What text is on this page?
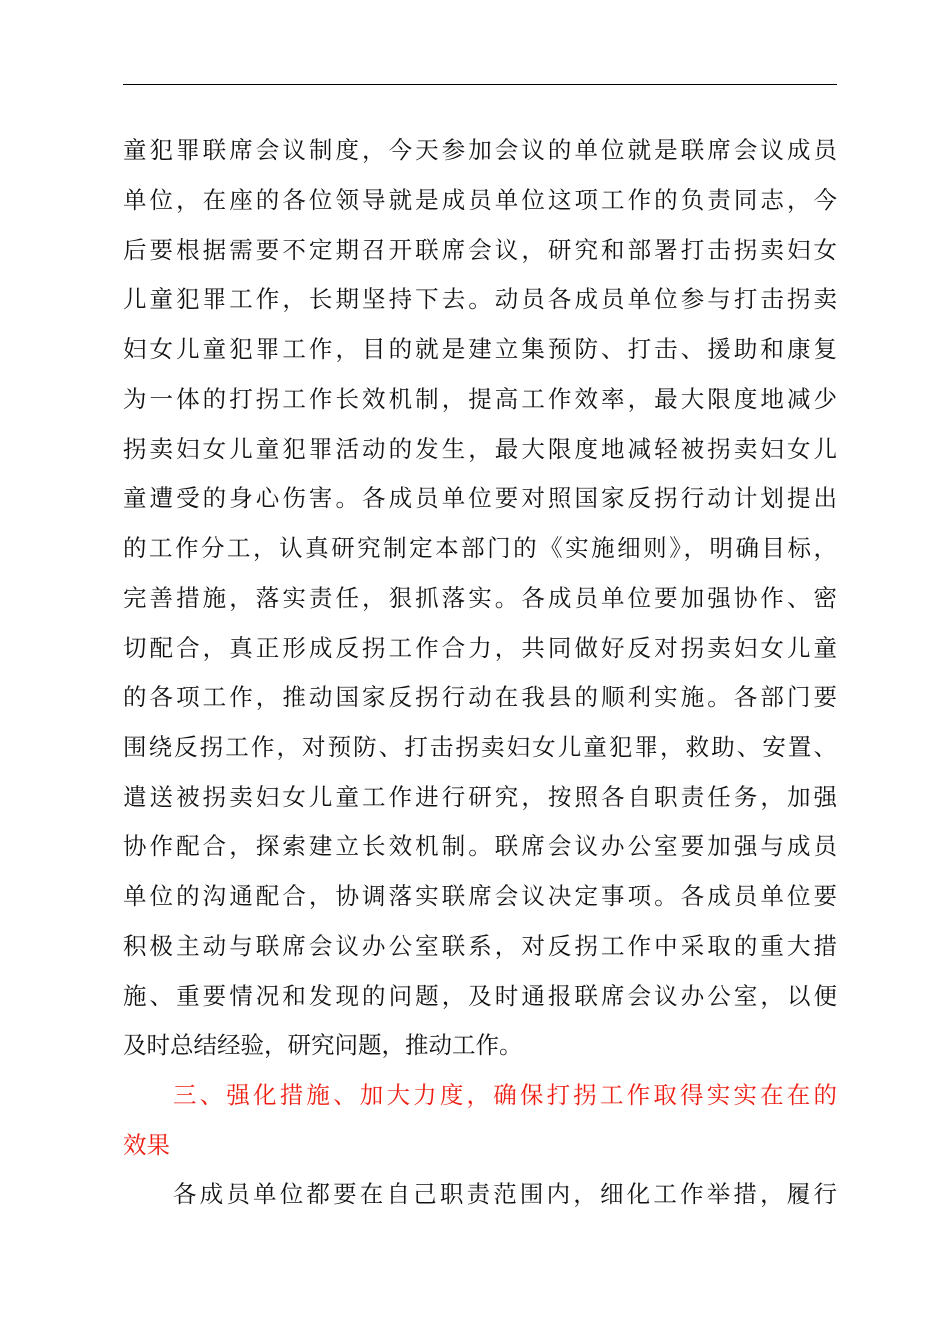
童犯罪联席会议制度，今天参加会议的单位就是联席会议成员
单位，在座的各位领导就是成员单位这项工作的负责同志，今
后要根据需要不定期召开联席会议，研究和部署打击拐卖妇女
儿童犯罪工作，长期坚持下去。动员各成员单位参与打击拐卖
妇女儿童犯罪工作，目的就是建立集预防、打击、援助和康复
为一体的打拐工作长效机制，提高工作效率，最大限度地减少
拐卖妇女儿童犯罪活动的发生，最大限度地减轻被拐卖妇女儿
童遭受的身心伤害。各成员单位要对照国家反拐行动计划提出
的工作分工，认真研究制定本部门的《实施细则》，明确目标，
完善措施，落实责任，狠抓落实。各成员单位要加强协作、密
切配合，真正形成反拐工作合力，共同做好反对拐卖妇女儿童
的各项工作，推动国家反拐行动在我县的顺利实施。各部门要
围绕反拐工作，对预防、打击拐卖妇女儿童犯罪，救助、安置、
遣送被拐卖妇女儿童工作进行研究，按照各自职责任务，加强
协作配合，探索建立长效机制。联席会议办公室要加强与成员
单位的沟通配合，协调落实联席会议决定事项。各成员单位要
积极主动与联席会议办公室联系，对反拐工作中采取的重大措
施、重要情况和发现的问题，及时通报联席会议办公室，以便
及时总结经验，研究问题，推动工作。
三、强化措施、加大力度，确保打拐工作取得实实在在的
效果
各成员单位都要在自己职责范围内，细化工作举措，履行
